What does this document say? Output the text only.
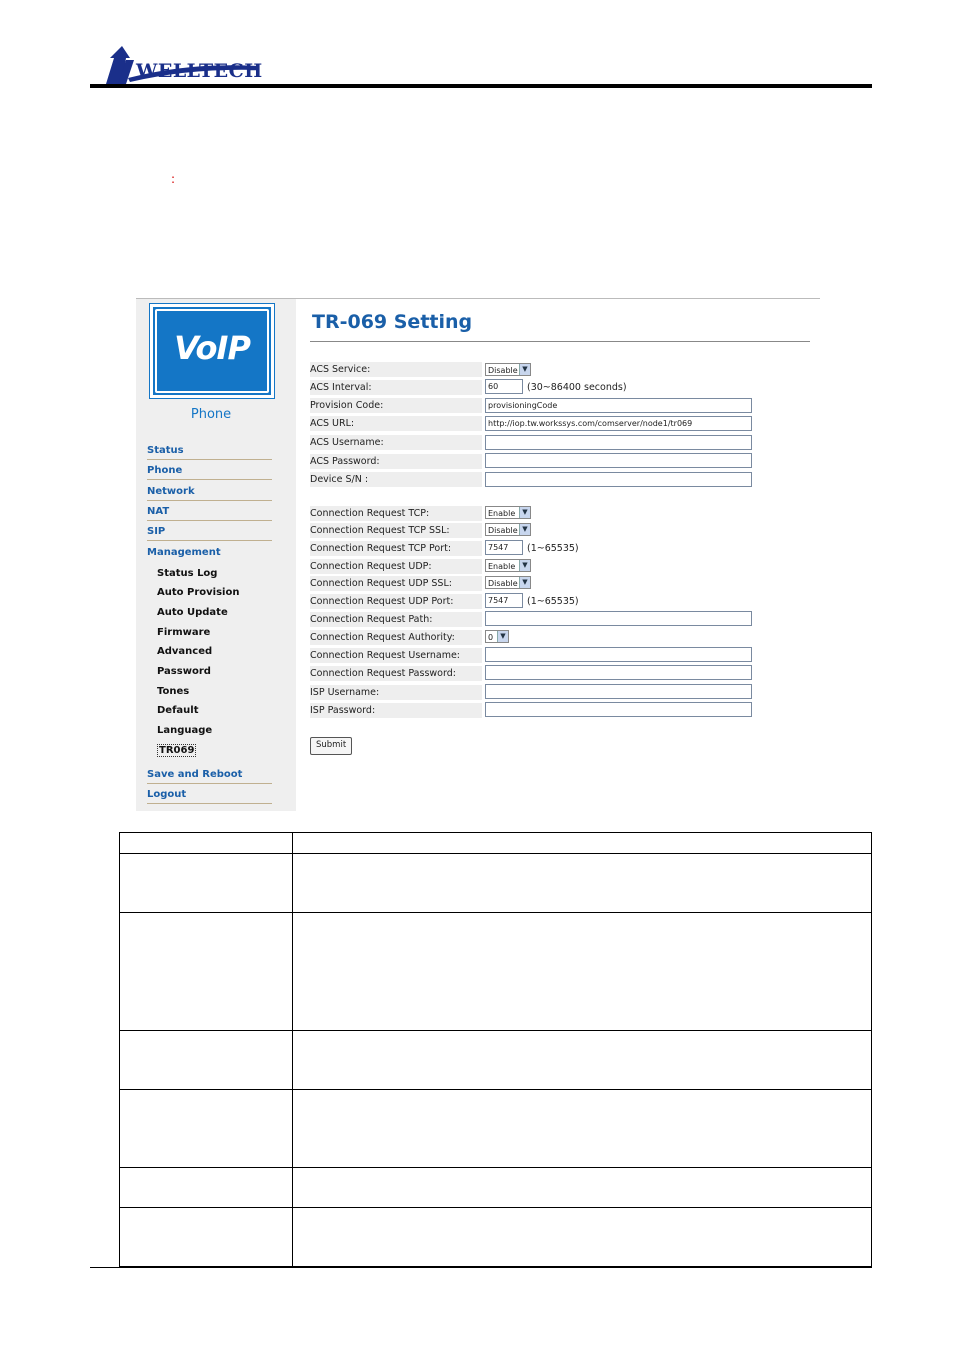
WELLTECH
:
VoIP
Phone
Status
Phone
Network
NAT
SIP
Management
Status Log
Auto Provision
Auto Update
Firmware
Advanced
Password
Tones
Default
Language
TR069
Save and Reboot
Logout
TR-069 Setting
ACS Service:	Disable ▼
ACS Interval:	60	(30~86400 seconds)
Provision Code:	provisioningCode
ACS URL:	http://iop.tw.workssys.com/comserver/node1/tr069
ACS Username:
ACS Password:
Device S/N :
Connection Request TCP:	Enable	▼
Connection Request TCP SSL:	Disable ▼
Connection Request TCP Port:	7547	(1~65535)
Connection Request UDP:	Enable	▼
Connection Request UDP SSL:	Disable ▼
Connection Request UDP Port:	7547	(1~65535)
Connection Request Path:
Connection Request Authority:	0	▼
Connection Request Username:
Connection Request Password:
ISP Username:
ISP Password:
Submit
